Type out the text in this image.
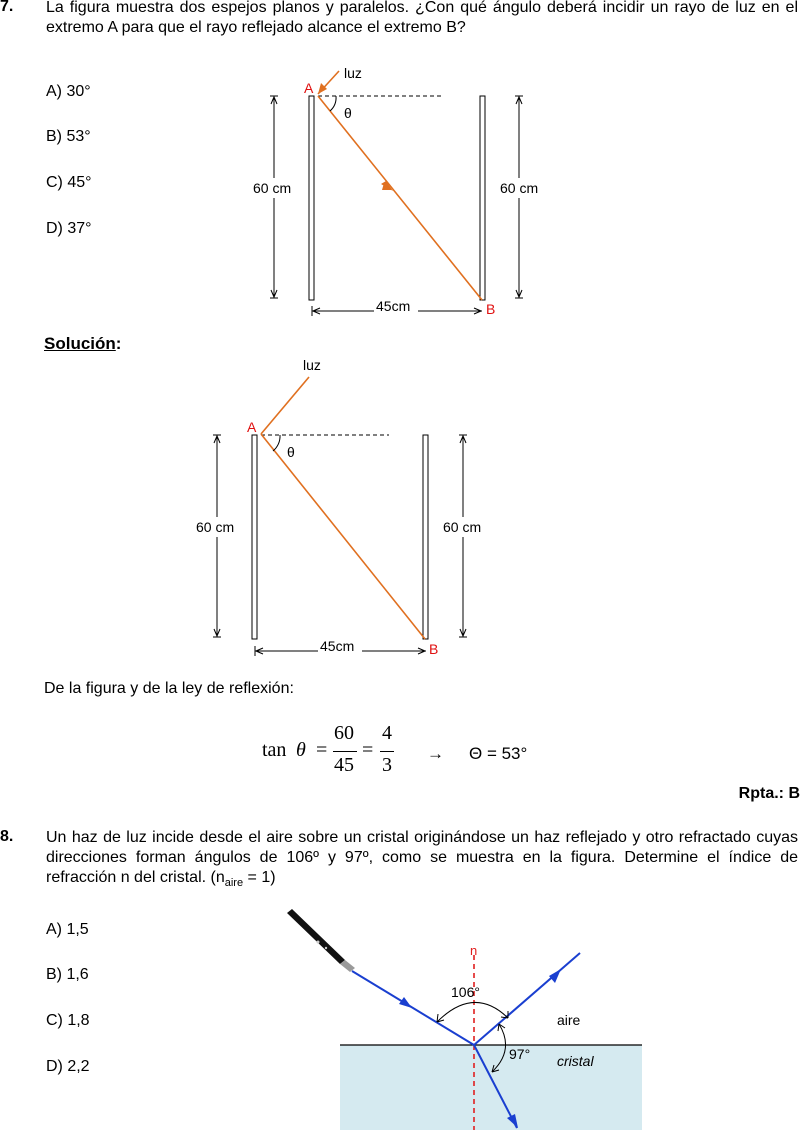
7. La figura muestra dos espejos planos y paralelos. ¿Con qué ángulo deberá incidir un rayo de luz en el extremo A para que el rayo reflejado alcance el extremo B?
A) 30°
B) 53°
C) 45°
D) 37°
luz
A
B
θ
60 cm	60 cm
45cm
Solución:
luz
A
B
θ
60 cm	60 cm
45cm
De la figura y de la ley de reflexión:
tan θ =
60
45
=
4
3
→ Θ = 53°
Rpta.: B
8. Un haz de luz incide desde el aire sobre un cristal originándose un haz reflejado y otro refractado cuyas direcciones forman ángulos de 106º y 97º, como se muestra en la figura. Determine el índice de refracción n del cristal. $(n_{aire} = 1)$
A) 1,5
B) 1,6
C) 1,8
D) 2,2
n
106°
97°
aire
cristal
